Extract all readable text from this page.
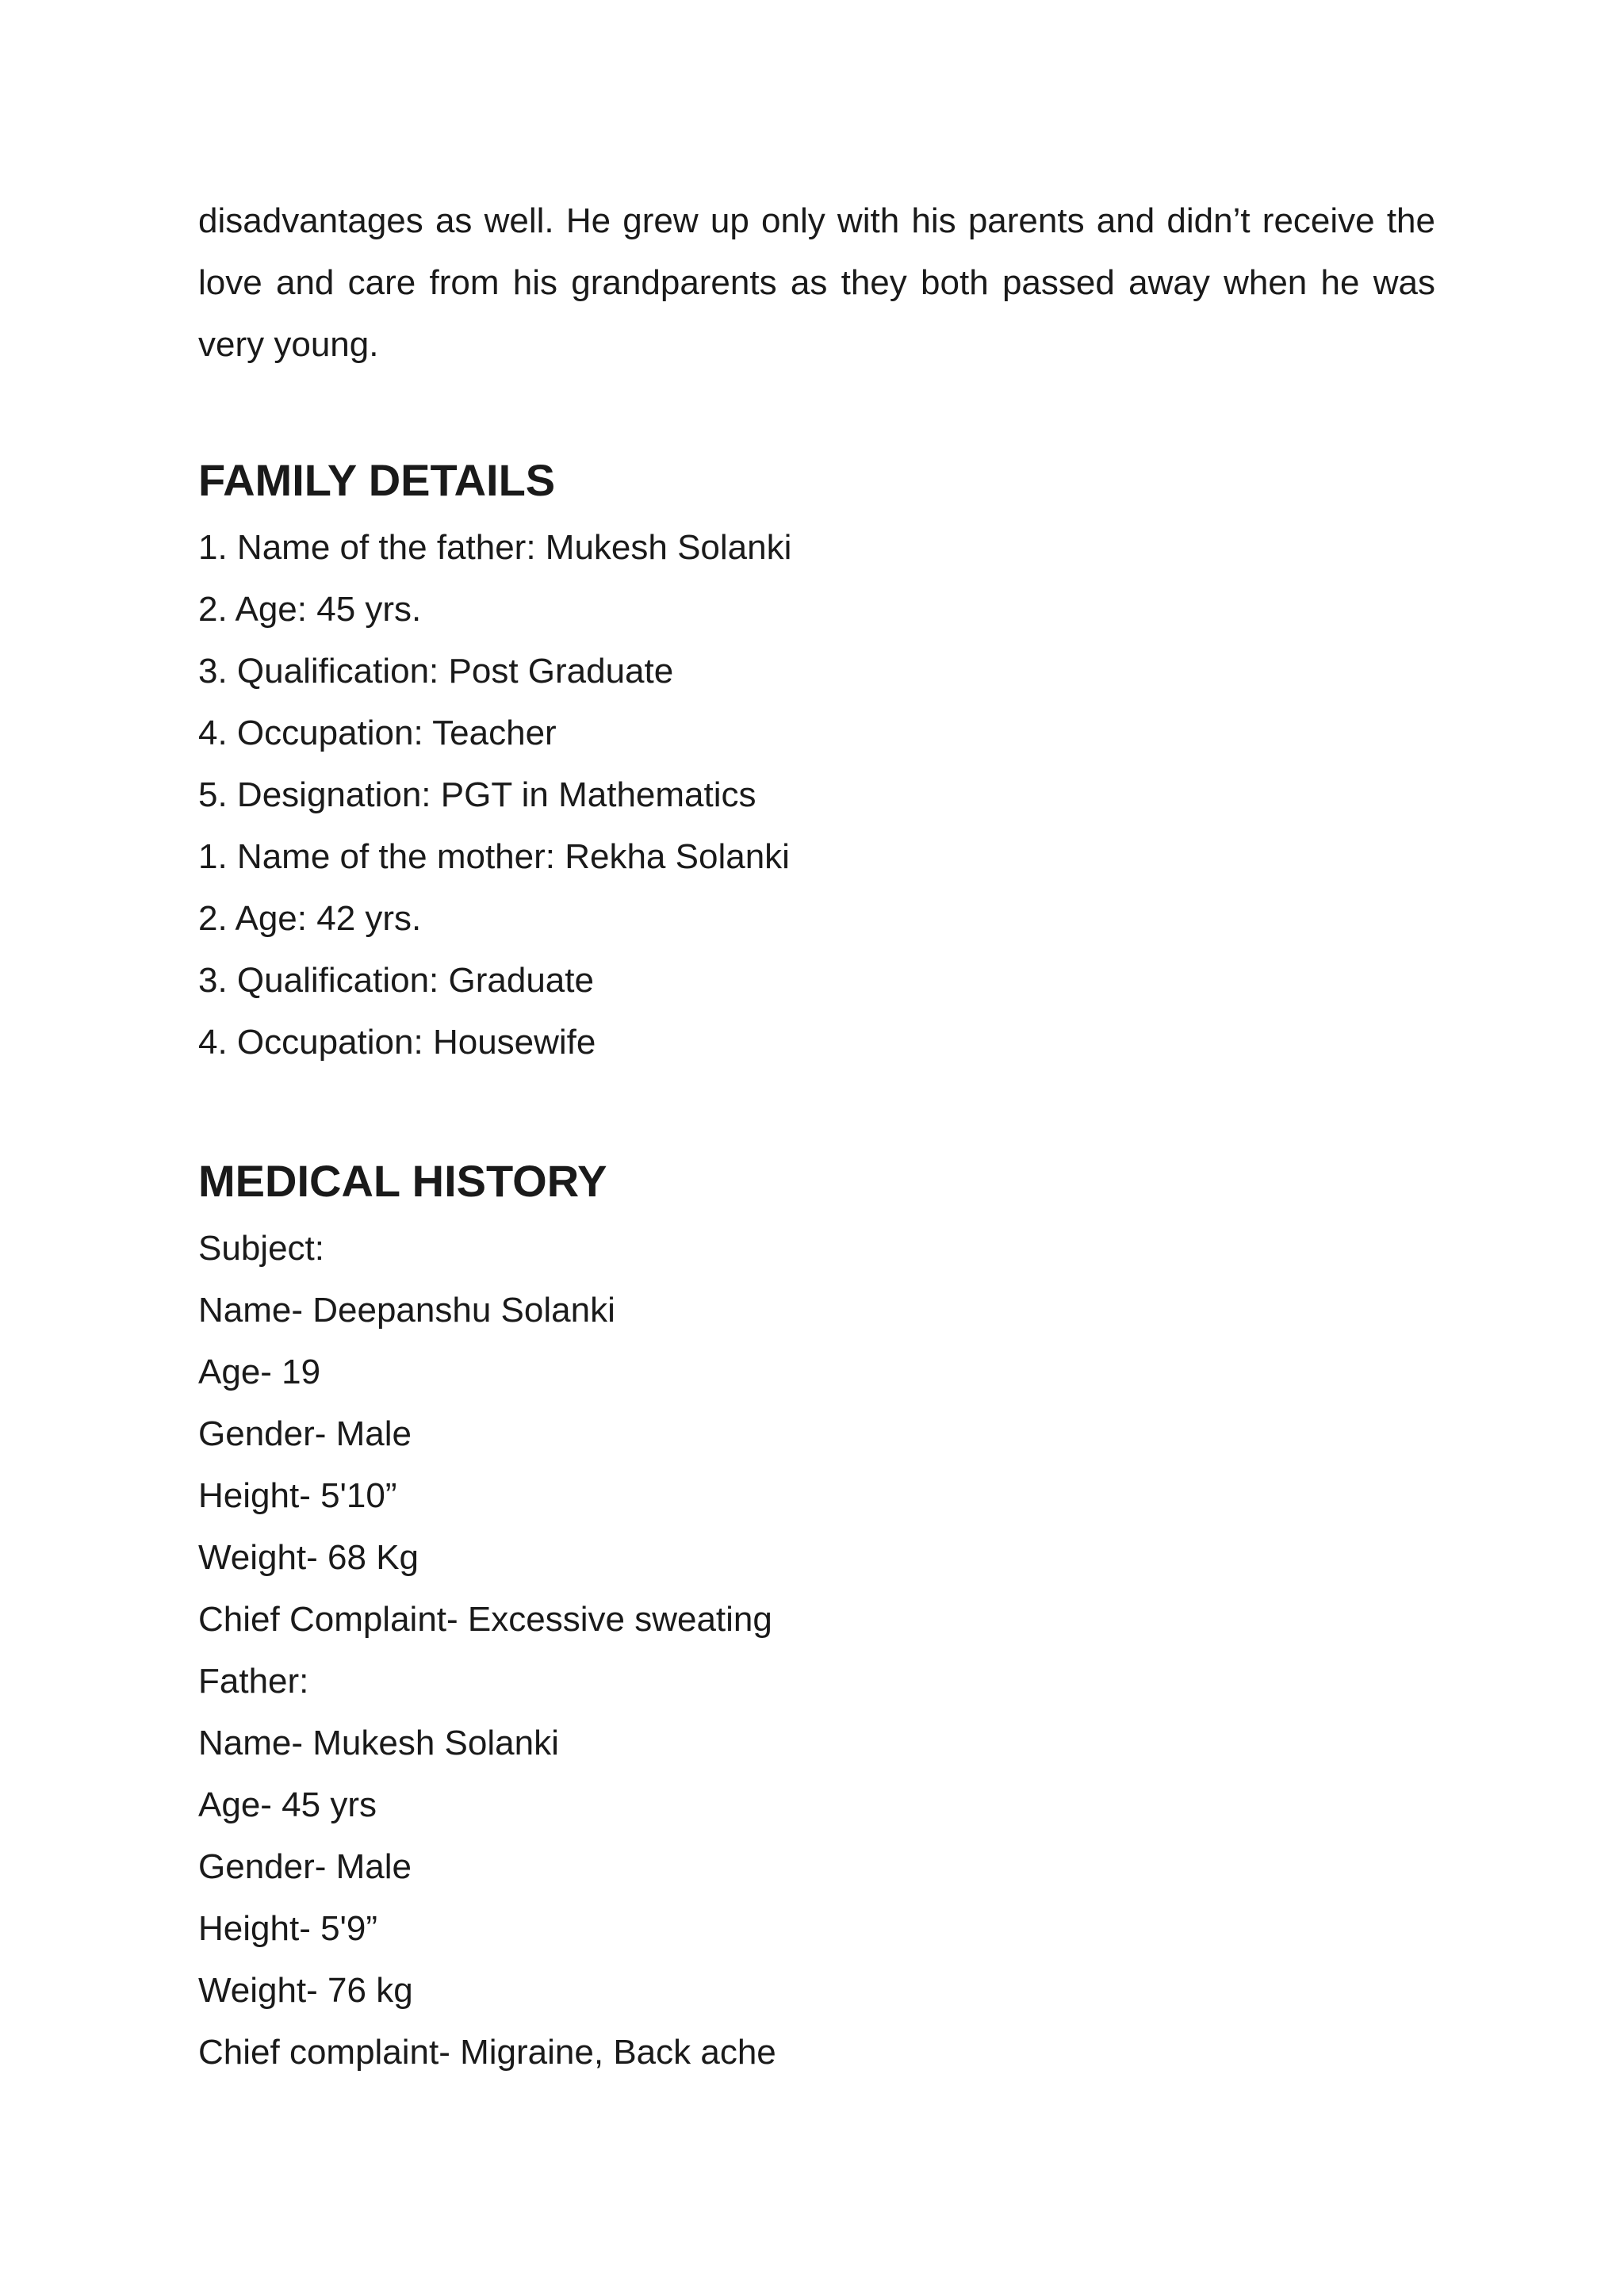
disadvantages as well. He grew up only with his parents and didn’t receive the love and care from his grandparents as they both passed away when he was very young.

FAMILY DETAILS

1. Name of the father: Mukesh Solanki

2. Age: 45 yrs.

3. Qualification: Post Graduate

4. Occupation: Teacher

5. Designation: PGT in Mathematics

1. Name of the mother: Rekha Solanki

2. Age: 42 yrs.

3. Qualification: Graduate

4. Occupation: Housewife

MEDICAL HISTORY

Subject:

Name- Deepanshu Solanki

Age- 19

Gender- Male

Height- 5'10”

Weight- 68 Kg

Chief Complaint- Excessive sweating

Father:

Name- Mukesh Solanki

Age- 45 yrs

Gender- Male

Height- 5'9”

Weight- 76 kg

Chief complaint- Migraine, Back ache
